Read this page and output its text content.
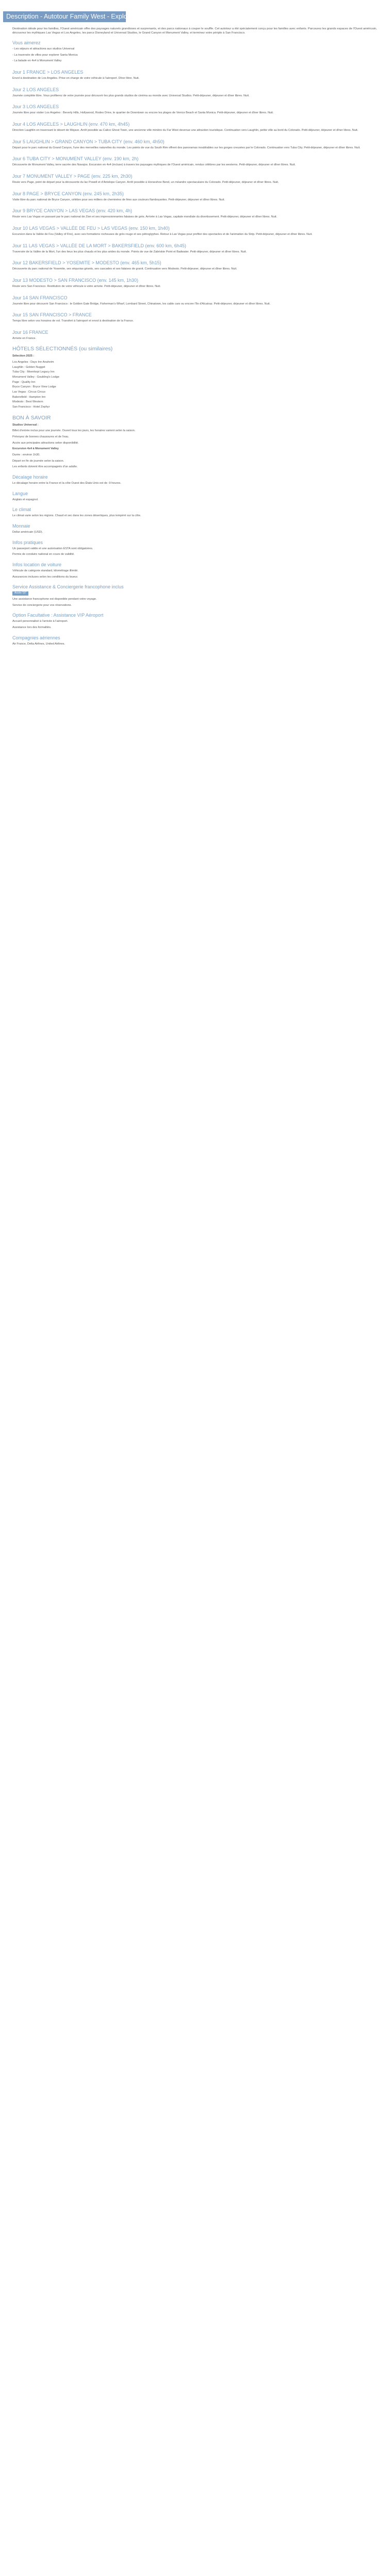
Description - Autotour Family West - Explorateur - STD - 16J/14N
Destination idéale pour les familles, l'Ouest américain offre des paysages naturels grandioses et surprenants, et des parcs nationaux à couper le souffle. Cet autotour a été spécialement conçu pour les familles avec enfants. Parcourez les grands espaces de l'Ouest américain, découvrez les mythiques Las Vegas et Los Angeles, les parcs Disneyland et Universal Studios, le Grand Canyon et Monument Valley, et terminez votre périple à San Francisco.
Vous aimerez
- Les séjours et attractions aux studios Universal
- La traversée de villes pour explorer Santa Monica
- La balade en 4x4 à Monument Valley
Jour 1 FRANCE > LOS ANGELES
Envol à destination de Los Angeles. Prise en charge de votre véhicule à l'aéroport. Dîner libre. Nuit.
Jour 2 LOS ANGELES
Journée complète libre. Vous profiterez de votre journée pour découvrir les plus grands studios de cinéma au monde avec Universal Studios. Petit-déjeuner, déjeuner et dîner libres. Nuit.
Jour 3 LOS ANGELES
Journée libre pour visiter Los Angeles : Beverly Hills, Hollywood, Rodeo Drive, le quartier de Downtown ou encore les plages de Venice Beach et Santa Monica. Petit-déjeuner, déjeuner et dîner libres. Nuit.
Jour 4 LOS ANGELES > LAUGHLIN (env. 470 km, 4h45)
Direction Laughlin en traversant le désert de Mojave. Arrêt possible au Calico Ghost Town, une ancienne ville minière du Far West devenue une attraction touristique. Continuation vers Laughlin, petite ville au bord du Colorado. Petit-déjeuner, déjeuner et dîner libres. Nuit.
Jour 5 LAUGHLIN > GRAND CANYON > TUBA CITY (env. 460 km, 4h50)
Départ pour le parc national du Grand Canyon, l'une des merveilles naturelles du monde. Les points de vue du South Rim offrent des panoramas inoubliables sur les gorges creusées par le Colorado. Continuation vers Tuba City. Petit-déjeuner, déjeuner et dîner libres. Nuit.
Jour 6 TUBA CITY > MONUMENT VALLEY (env. 190 km, 2h)
Découverte de Monument Valley, terre sacrée des Navajos. Excursion en 4x4 (incluse) à travers les paysages mythiques de l'Ouest américain, rendus célèbres par les westerns. Petit-déjeuner, déjeuner et dîner libres. Nuit.
Jour 7 MONUMENT VALLEY > PAGE (env. 225 km, 2h30)
Route vers Page, point de départ pour la découverte du lac Powell et d'Antelope Canyon. Arrêt possible à Horseshoe Bend, un méandre spectaculaire du Colorado. Petit-déjeuner, déjeuner et dîner libres. Nuit.
Jour 8 PAGE > BRYCE CANYON (env. 245 km, 2h35)
Visite libre du parc national de Bryce Canyon, célèbre pour ses milliers de cheminées de fées aux couleurs flamboyantes. Petit-déjeuner, déjeuner et dîner libres. Nuit.
Jour 9 BRYCE CANYON > LAS VEGAS (env. 420 km, 4h)
Route vers Las Vegas en passant par le parc national de Zion et ses impressionnantes falaises de grès. Arrivée à Las Vegas, capitale mondiale du divertissement. Petit-déjeuner, déjeuner et dîner libres. Nuit.
Jour 10 LAS VEGAS > VALLÉE DE FEU > LAS VEGAS (env. 150 km, 1h40)
Excursion dans la Vallée de Feu (Valley of Fire), avec ses formations rocheuses de grès rouge et ses pétroglyphes. Retour à Las Vegas pour profiter des spectacles et de l'animation du Strip. Petit-déjeuner, déjeuner et dîner libres. Nuit.
Jour 11 LAS VEGAS > VALLÉE DE LA MORT > BAKERSFIELD (env. 600 km, 6h45)
Traversée de la Vallée de la Mort, l'un des lieux les plus chauds et les plus arides du monde. Points de vue de Zabriskie Point et Badwater. Petit-déjeuner, déjeuner et dîner libres. Nuit.
Jour 12 BAKERSFIELD > YOSEMITE > MODESTO (env. 465 km, 5h15)
Découverte du parc national de Yosemite, ses séquoias géants, ses cascades et ses falaises de granit. Continuation vers Modesto. Petit-déjeuner, déjeuner et dîner libres. Nuit.
Jour 13 MODESTO > SAN FRANCISCO (env. 145 km, 1h30)
Route vers San Francisco. Restitution de votre véhicule à votre arrivée. Petit-déjeuner, déjeuner et dîner libres. Nuit.
Jour 14 SAN FRANCISCO
Journée libre pour découvrir San Francisco : le Golden Gate Bridge, Fisherman's Wharf, Lombard Street, Chinatown, les cable cars ou encore l'île d'Alcatraz. Petit-déjeuner, déjeuner et dîner libres. Nuit.
Jour 15 SAN FRANCISCO > FRANCE
Temps libre selon vos horaires de vol. Transfert à l'aéroport et envol à destination de la France.
Jour 16 FRANCE
Arrivée en France.
HÔTELS SÉLECTIONNÉS (ou similaires)
Sélection 2025 :
Los Angeles : Days Inn Anaheim
Laughlin : Golden Nugget
Tuba City : Moenkopi Legacy Inn
Monument Valley : Goulding's Lodge
Page : Quality Inn
Bryce Canyon : Bryce View Lodge
Las Vegas : Circus Circus
Bakersfield : Hampton Inn
Modesto : Best Western
San Francisco : Hotel Zephyr
BON À SAVOIR
Studios Universal :
Billet d'entrée inclus pour une journée. Ouvert tous les jours, les horaires varient selon la saison.
Prévoyez de bonnes chaussures et de l'eau.
Accès aux principales attractions selon disponibilité.
Excursion 4x4 à Monument Valley
Durée : environ 1h30.
Départ en fin de journée selon la saison.
Les enfants doivent être accompagnés d'un adulte.
Décalage horaire
Le décalage horaire entre la France et la côte Ouest des États-Unis est de -9 heures.
Langue
Anglais et espagnol.
Le climat
Le climat varie selon les régions. Chaud et sec dans les zones désertiques, plus tempéré sur la côte.
Monnaie
Dollar américain (USD).
Infos pratiques
Un passeport valide et une autorisation ESTA sont obligatoires.
Permis de conduire national en cours de validité.
Infos location de voiture
Véhicule de catégorie standard, kilométrage illimité.
Assurances incluses selon les conditions du loueur.
Service Assistance & Conciergerie francophone inclus
Accès 7j/7
Une assistance francophone est disponible pendant votre voyage.
Service de conciergerie pour vos réservations.
Option Facultative : Assistance VIP Aéroport
Accueil personnalisé à l'arrivée à l'aéroport.
Assistance lors des formalités.
Compagnies aériennes
Air France, Delta Airlines, United Airlines.
